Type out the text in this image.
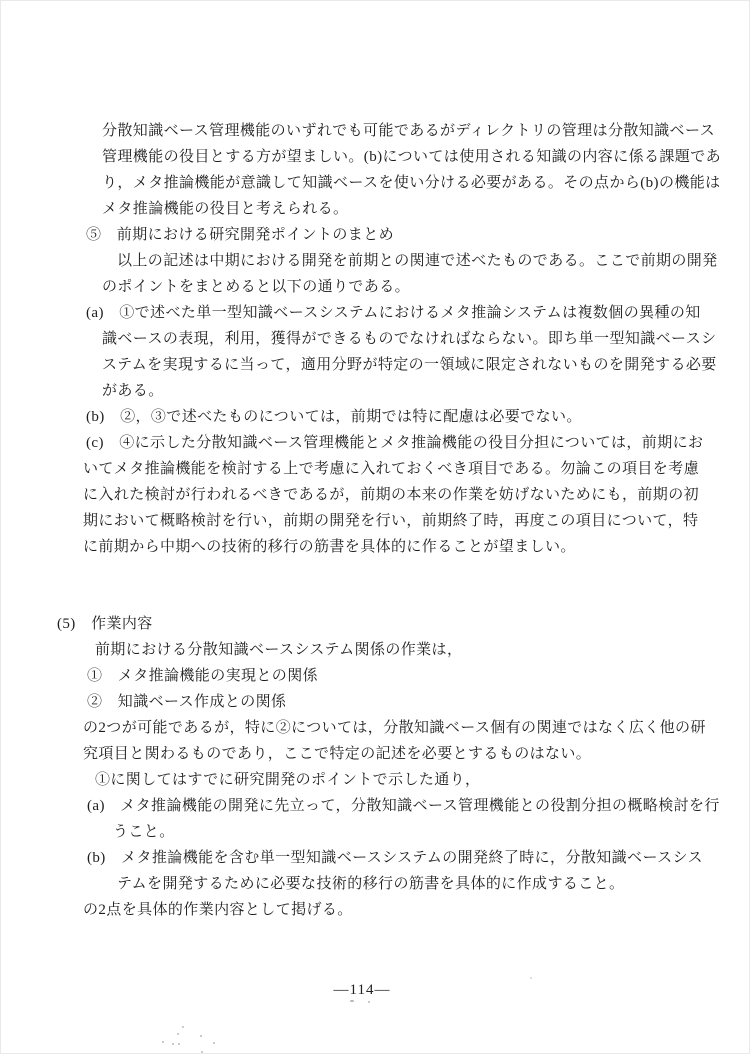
分散知識ベース管理機能のいずれでも可能であるがディレクトリの管理は分散知識ベース

管理機能の役目とする方が望ましい。(b)については使用される知識の内容に係る課題であ

り，メタ推論機能が意識して知識ベースを使い分ける必要がある。その点から(b)の機能は

メタ推論機能の役目と考えられる。

⑤　前期における研究開発ポイントのまとめ

以上の記述は中期における開発を前期との関連で述べたものである。ここで前期の開発

のポイントをまとめると以下の通りである。

(a)　①で述べた単一型知識ベースシステムにおけるメタ推論システムは複数個の異種の知

識ベースの表現，利用，獲得ができるものでなければならない。即ち単一型知識ベースシ

ステムを実現するに当って，適用分野が特定の一領域に限定されないものを開発する必要

がある。

(b)　②，③で述べたものについては，前期では特に配慮は必要でない。

(c)　④に示した分散知識ベース管理機能とメタ推論機能の役目分担については，前期にお

いてメタ推論機能を検討する上で考慮に入れておくべき項目である。勿論この項目を考慮

に入れた検討が行われるべきであるが，前期の本来の作業を妨げないためにも，前期の初

期において概略検討を行い，前期の開発を行い，前期終了時，再度この項目について，特

に前期から中期への技術的移行の筋書を具体的に作ることが望ましい。

(5)　作業内容

前期における分散知識ベースシステム関係の作業は，

①　メタ推論機能の実現との関係

②　知識ベース作成との関係

の2つが可能であるが，特に②については，分散知識ベース個有の関連ではなく広く他の研

究項目と関わるものであり，ここで特定の記述を必要とするものはない。

①に関してはすでに研究開発のポイントで示した通り，

(a)　メタ推論機能の開発に先立って，分散知識ベース管理機能との役割分担の概略検討を行

うこと。

(b)　メタ推論機能を含む単一型知識ベースシステムの開発終了時に，分散知識ベースシス

テムを開発するために必要な技術的移行の筋書を具体的に作成すること。

の2点を具体的作業内容として掲げる。

—114—
